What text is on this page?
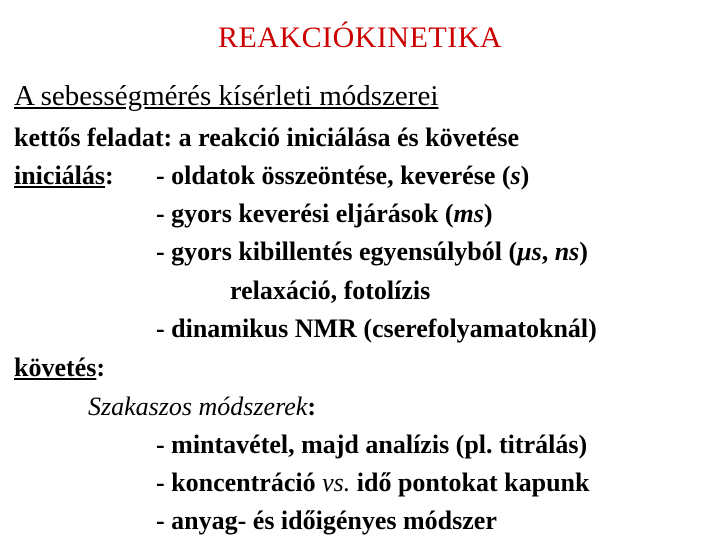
REAKCIÓKINETIKA
A sebességmérés kísérleti módszerei
kettős feladat: a reakció iniciálása és követése
iniciálás: - oldatok összeöntése, keverése (s)
- gyors keverési eljárások (ms)
- gyors kibillentés egyensúlyból (μs, ns)
relaxáció, fotolízis
- dinamikus NMR (cserefolyamatoknál)
követés:
Szakaszos módszerek:
- mintavétel, majd analízis (pl. titrálás)
- koncentráció vs. idő pontokat kapunk
- anyag- és időigényes módszer
